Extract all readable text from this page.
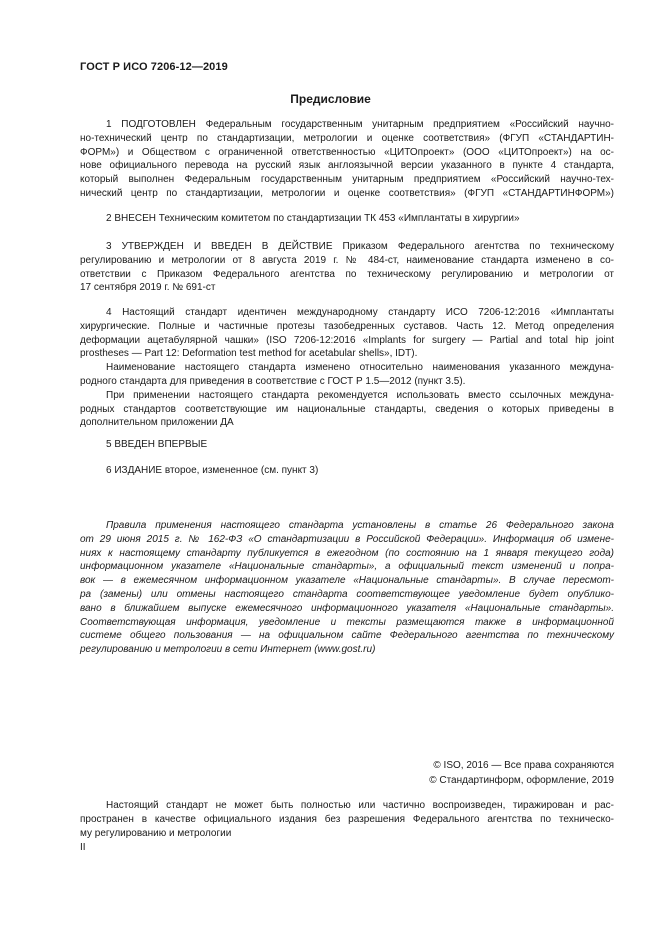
ГОСТ Р ИСО 7206-12—2019
Предисловие
1 ПОДГОТОВЛЕН Федеральным государственным унитарным предприятием «Российский научно-
но-технический центр по стандартизации, метрологии и оценке соответствия» (ФГУП «СТАНДАРТИН-
ФОРМ») и Обществом с ограниченной ответственностью «ЦИТОпроект» (ООО «ЦИТОпроект») на ос-
нове официального перевода на русский язык англоязычной версии указанного в пункте 4 стандарта,
который выполнен Федеральным государственным унитарным предприятием «Российский научно-тех-
нический центр по стандартизации, метрологии и оценке соответствия» (ФГУП «СТАНДАРТИНФОРМ»)
2 ВНЕСЕН Техническим комитетом по стандартизации ТК 453 «Имплантаты в хирургии»
3 УТВЕРЖДЕН И ВВЕДЕН В ДЕЙСТВИЕ Приказом Федерального агентства по техническому
регулированию и метрологии от 8 августа 2019 г. № 484-ст, наименование стандарта изменено в со-
ответствии с Приказом Федерального агентства по техническому регулированию и метрологии от
17 сентября 2019 г. № 691-ст
4 Настоящий стандарт идентичен международному стандарту ИСО 7206-12:2016 «Имплантаты
хирургические. Полные и частичные протезы тазобедренных суставов. Часть 12. Метод определения
деформации ацетабулярной чашки» (ISO 7206-12:2016 «Implants for surgery — Partial and total hip joint
prostheses — Part 12: Deformation test method for acetabular shells», IDT).
Наименование настоящего стандарта изменено относительно наименования указанного междуна-
родного стандарта для приведения в соответствие с ГОСТ Р 1.5—2012 (пункт 3.5).
При применении настоящего стандарта рекомендуется использовать вместо ссылочных междуна-
родных стандартов соответствующие им национальные стандарты, сведения о которых приведены в
дополнительном приложении ДА
5 ВВЕДЕН ВПЕРВЫЕ
6 ИЗДАНИЕ второе, измененное (см. пункт 3)
Правила применения настоящего стандарта установлены в статье 26 Федерального закона
от 29 июня 2015 г. № 162-ФЗ «О стандартизации в Российской Федерации». Информация об измене-
ниях к настоящему стандарту публикуется в ежегодном (по состоянию на 1 января текущего года)
информационном указателе «Национальные стандарты», а официальный текст изменений и попра-
вок — в ежемесячном информационном указателе «Национальные стандарты». В случае пересмот-
ра (замены) или отмены настоящего стандарта соответствующее уведомление будет опублико-
вано в ближайшем выпуске ежемесячного информационного указателя «Национальные стандарты».
Соответствующая информация, уведомление и тексты размещаются также в информационной
системе общего пользования — на официальном сайте Федерального агентства по техническому
регулированию и метрологии в сети Интернет (www.gost.ru)
© ISO, 2016 — Все права сохраняются
© Стандартинформ, оформление, 2019
Настоящий стандарт не может быть полностью или частично воспроизведен, тиражирован и рас-
пространен в качестве официального издания без разрешения Федерального агентства по техническо-
му регулированию и метрологии
II
